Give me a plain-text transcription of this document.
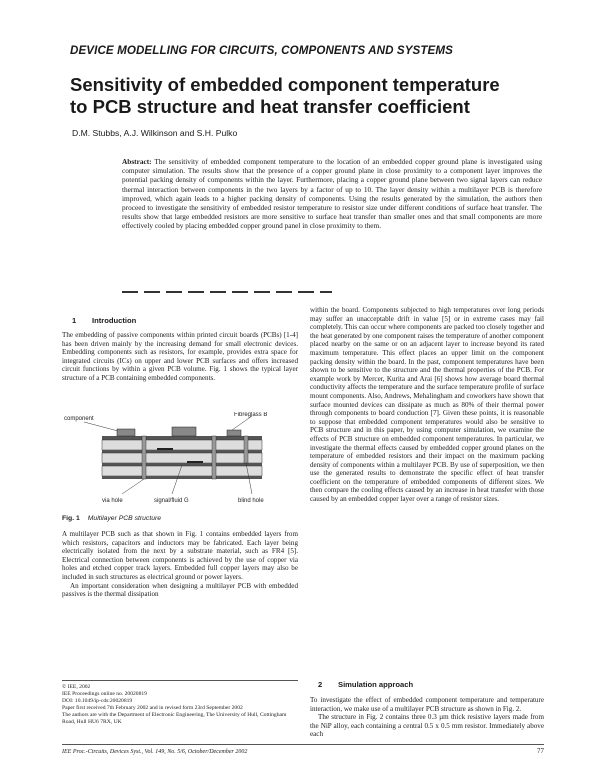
DEVICE MODELLING FOR CIRCUITS, COMPONENTS AND SYSTEMS
Sensitivity of embedded component temperature
to PCB structure and heat transfer coefficient
D.M. Stubbs, A.J. Wilkinson and S.H. Pulko
Abstract: The sensitivity of embedded component temperature to the location of an embedded copper ground plane is investigated using computer simulation. The results show that the presence of a copper ground plane in close proximity to a component layer improves the potential packing density of components within the layer. Furthermore, placing a copper ground plane between two signal layers can reduce thermal interaction between components in the two layers by a factor of up to 10. The layer density within a multilayer PCB is therefore improved, which again leads to a higher packing density of components. Using the results generated by the simulation, the authors then proceed to investigate the sensitivity of embedded resistor temperature to resistor size under different conditions of surface heat transfer. The results show that large embedded resistors are more sensitive to surface heat transfer than smaller ones and that small components are more effectively cooled by placing embedded copper ground panel in close proximity to them.
1 Introduction

The embedding of passive components within printed circuit boards (PCBs) [1-4] has been driven mainly by the increasing demand for small electronic devices. Embedding components such as resistors, for example, provides extra space for integrated circuits (ICs) on upper and lower PCB surfaces and offers increased circuit functions by within a given PCB volume. Fig. 1 shows the typical layer structure of a PCB containing embedded components.

component
Fibreglass B
via hole	signal/fluid G	blind hole
Fig. 1 Multilayer PCB structure

A multilayer PCB such as that shown in Fig. 1 contains embedded layers from which resistors, capacitors and inductors may be fabricated. Each layer being electrically isolated from the next by a substrate material, such as FR4 [5]. Electrical connection between components is achieved by the use of copper via holes and etched copper track layers. Embedded full copper layers may also be included in such structures as electrical ground or power layers.

An important consideration when designing a multilayer PCB with embedded passives is the thermal dissipation

© IEE, 2002
IEE Proceedings online no. 20020819
DOI: 10.1049/ip-cds:20020819
Paper first received 7th February 2002 and in revised form 23rd September 2002
The authors are with the Department of Electronic Engineering, The University of Hull, Cottingham Road, Hull HU6 7RX, UK

within the board. Components subjected to high temperatures over long periods may suffer an unacceptable drift in value [5] or in extreme cases may fail completely. This can occur where components are packed too closely together and the heat generated by one component raises the temperature of another component placed nearby on the same or on an adjacent layer to increase beyond its rated maximum temperature. This effect places an upper limit on the component packing density within the board. In the past, component temperatures have been shown to be sensitive to the structure and the thermal properties of the PCB. For example work by Mercer, Kurita and Arai [6] shows how average board thermal conductivity affects the temperature and the surface temperature profile of surface mount components. Also, Andrews, Mehalingham and coworkers have shown that surface mounted devices can dissipate as much as 80% of their thermal power through components to board conduction [7]. Given these points, it is reasonable to suppose that embedded component temperatures would also be sensitive to PCB structure and in this paper, by using computer simulation, we examine the effects of PCB structure on embedded component temperatures. In particular, we investigate the thermal effects caused by embedded copper ground planes on the temperature of embedded resistors and their impact on the maximum packing density of components within a multilayer PCB. By use of superposition, we then use the generated results to demonstrate the specific effect of heat transfer coefficient on the temperature of embedded components of different sizes. We then compare the cooling effects caused by an increase in heat transfer with those caused by an embedded copper layer over a range of resistor sizes.

2 Simulation approach

To investigate the effect of embedded component temperature and temperature interaction, we make use of a multilayer PCB structure as shown in Fig. 2.

The structure in Fig. 2 contains three 0.3 µm thick resistive layers made from the NiP alloy, each containing a central 0.5 x 0.5 mm resistor. Immediately above each

IEE Proc.-Circuits, Devices Syst., Vol. 149, No. 5/6, October/December 2002	77
